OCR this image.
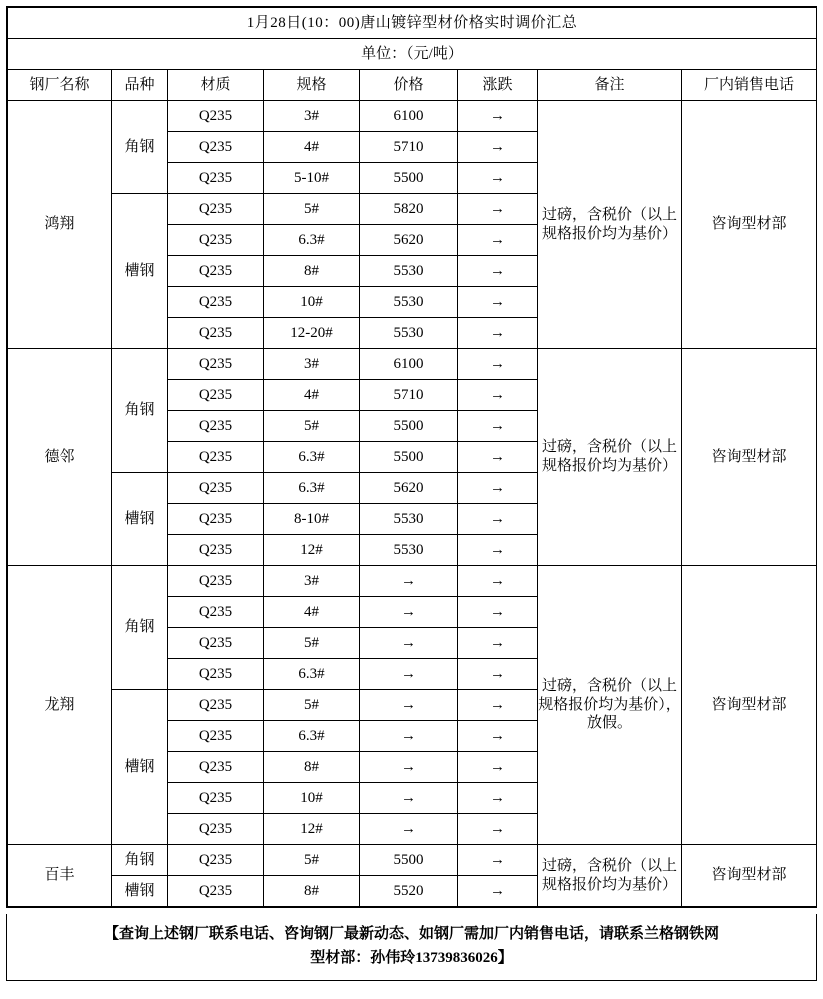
1月28日(10：00)唐山镀锌型材价格实时调价汇总							
单位：（元/吨）							
钢厂名称	品种	材质	规格	价格	涨跌	备注	厂内销售电话
鸿翔	角钢	Q235	3#	6100	→	过磅，含税价（以上规格报价均为基价）	咨询型材部
		Q235	4#	5710	→		
		Q235	5-10#	5500	→		
	槽钢	Q235	5#	5820	→		
		Q235	6.3#	5620	→		
		Q235	8#	5530	→		
		Q235	10#	5530	→		
		Q235	12-20#	5530	→		
德邻	角钢	Q235	3#	6100	→	过磅，含税价（以上规格报价均为基价）	咨询型材部
		Q235	4#	5710	→		
		Q235	5#	5500	→		
		Q235	6.3#	5500	→		
	槽钢	Q235	6.3#	5620	→		
		Q235	8-10#	5530	→		
		Q235	12#	5530	→		
龙翔	角钢	Q235	3#	→	→	过磅，含税价（以上规格报价均为基价），放假。	咨询型材部
		Q235	4#	→	→		
		Q235	5#	→	→		
		Q235	6.3#	→	→		
	槽钢	Q235	5#	→	→		
		Q235	6.3#	→	→		
		Q235	8#	→	→		
		Q235	10#	→	→		
		Q235	12#	→	→		
百丰	角钢	Q235	5#	5500	→	过磅，含税价（以上规格报价均为基价）	咨询型材部
	槽钢	Q235	8#	5520	→		
【查询上述钢厂联系电话、咨询钢厂最新动态、如钢厂需加厂内销售电话，请联系兰格钢铁网
型材部：孙伟玲13739836026】
